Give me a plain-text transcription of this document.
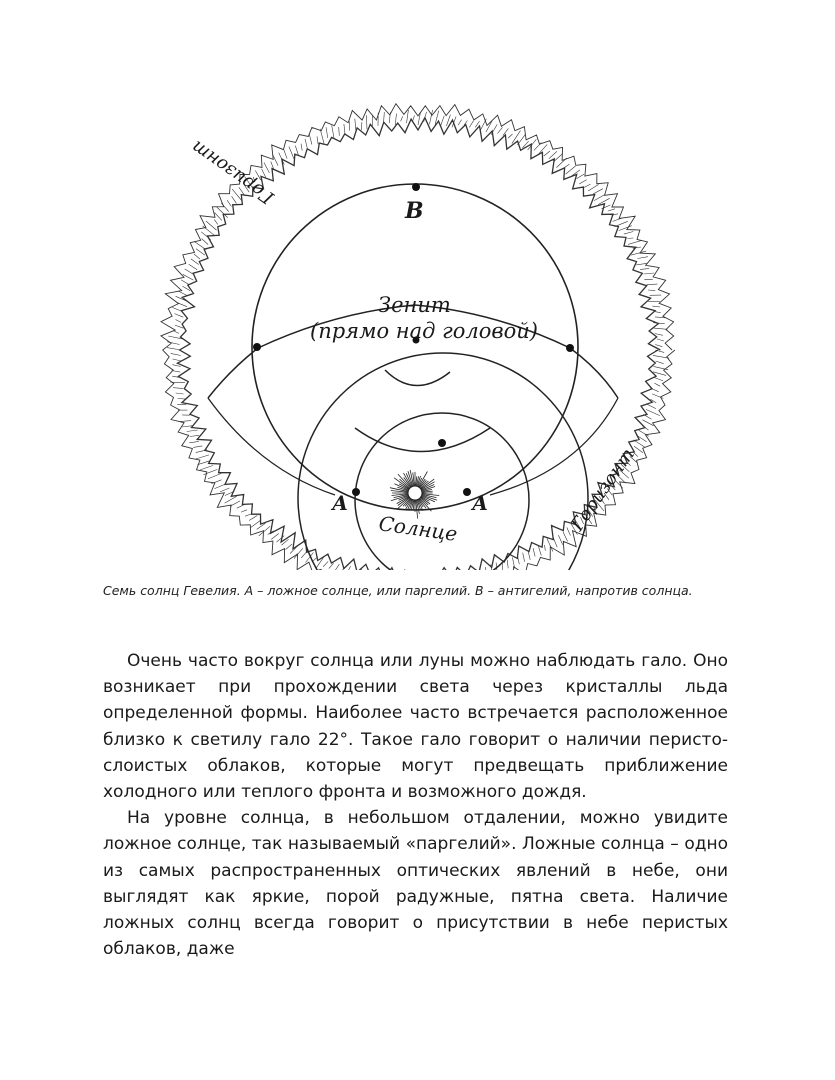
В
Зенит
(прямо над головой)
А	А
Солнце
Горизонт
Горизонт
Семь солнц Гевелия. А – ложное солнце, или паргелий. В – антигелий, напротив солнца.

Очень часто вокруг солнца или луны можно наблюдать гало. Оно возникает при прохождении света через кристаллы льда определенной формы. Наиболее часто встречается расположенное близко к светилу гало 22°. Такое гало говорит о наличии перисто-слоистых облаков, которые могут предвещать приближение холодного или теплого фронта и возможного дождя.

На уровне солнца, в небольшом отдалении, можно увидите ложное солнце, так называемый «паргелий». Ложные солнца – одно из самых распространенных оптических явлений в небе, они выглядят как яркие, порой радужные, пятна света. Наличие ложных солнц всегда говорит о присутствии в небе перистых облаков, даже
